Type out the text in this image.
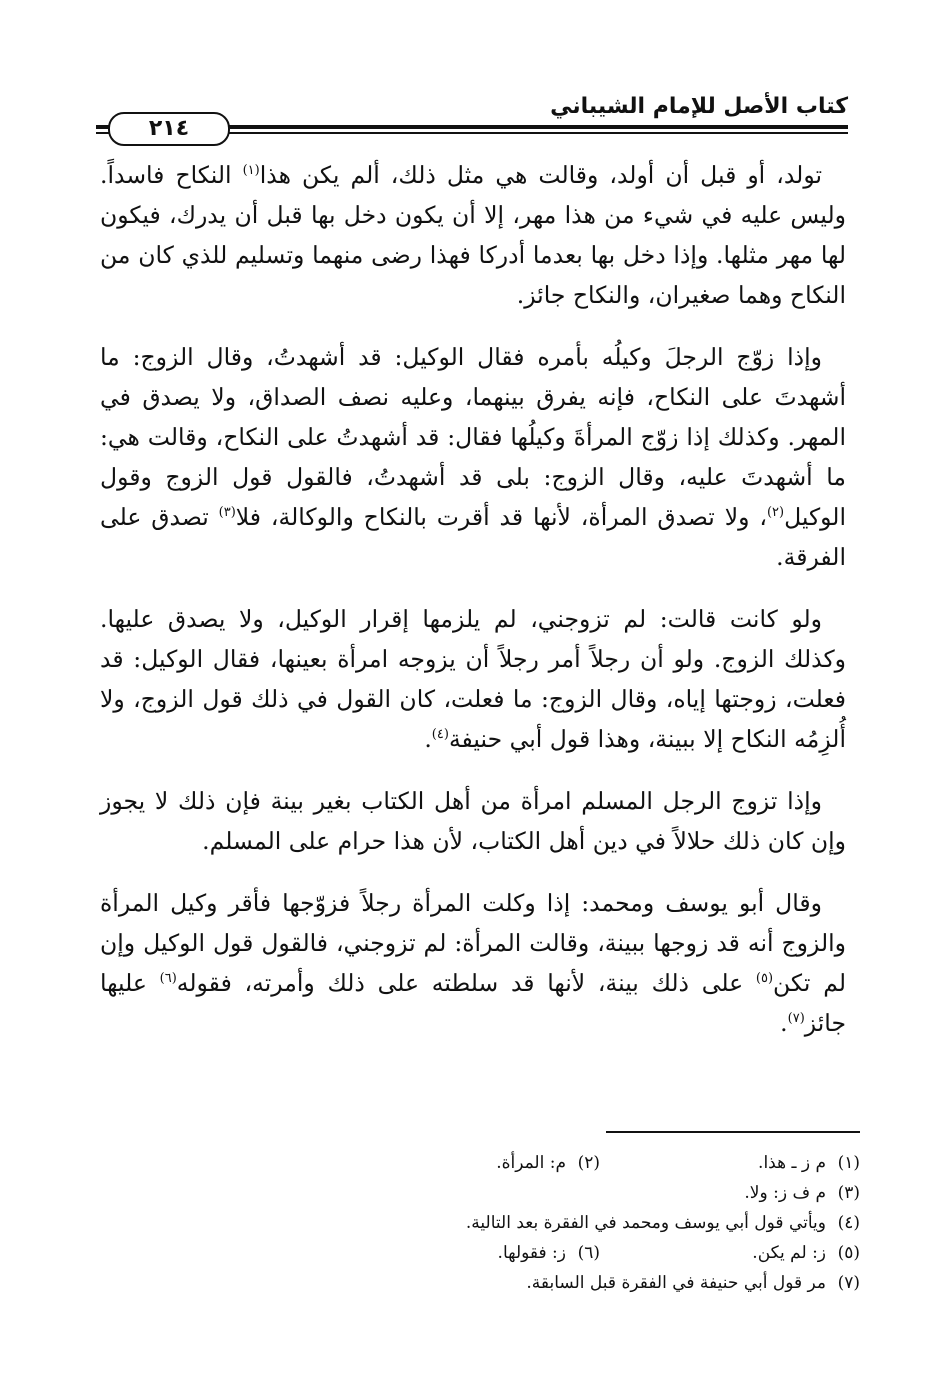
٢١٤
كتاب الأصل للإمام الشيباني

تولد، أو قبل أن أولد، وقالت هي مثل ذلك، ألم يكن هذا$^{(١)}$ النكاح فاسداً. وليس عليه في شيء من هذا مهر، إلا أن يكون دخل بها قبل أن يدرك، فيكون لها مهر مثلها. وإذا دخل بها بعدما أدركا فهذا رضى منهما وتسليم للذي كان من النكاح وهما صغيران، والنكاح جائز.

وإذا زوّج الرجلَ وكيلُه بأمره فقال الوكيل: قد أشهدتُ، وقال الزوج: ما أشهدتَ على النكاح، فإنه يفرق بينهما، وعليه نصف الصداق، ولا يصدق في المهر. وكذلك إذا زوّج المرأةَ وكيلُها فقال: قد أشهدتُ على النكاح، وقالت هي: ما أشهدتَ عليه، وقال الزوج: بلى قد أشهدتُ، فالقول قول الزوج وقول الوكيل$^{(٢)}$، ولا تصدق المرأة، لأنها قد أقرت بالنكاح والوكالة، فلا$^{(٣)}$ تصدق على الفرقة.

ولو كانت قالت: لم تزوجني، لم يلزمها إقرار الوكيل، ولا يصدق عليها. وكذلك الزوج. ولو أن رجلاً أمر رجلاً أن يزوجه امرأة بعينها، فقال الوكيل: قد فعلت، زوجتها إياه، وقال الزوج: ما فعلت، كان القول في ذلك قول الزوج، ولا أُلزِمُه النكاح إلا ببينة، وهذا قول أبي حنيفة$^{(٤)}$.

وإذا تزوج الرجل المسلم امرأة من أهل الكتاب بغير بينة فإن ذلك لا يجوز وإن كان ذلك حلالاً في دين أهل الكتاب، لأن هذا حرام على المسلم.

وقال أبو يوسف ومحمد: إذا وكلت المرأة رجلاً فزوّجها فأقر وكيل المرأة والزوج أنه قد زوجها ببينة، وقالت المرأة: لم تزوجني، فالقول قول الوكيل وإن لم تكن$^{(٥)}$ على ذلك بينة، لأنها قد سلطته على ذلك وأمرته، فقوله$^{(٦)}$ عليها جائز$^{(٧)}$.

(١)م ز ـ هذا.
(٢)م: المرأة.
(٣)م ف ز: ولا.
(٤)ويأتي قول أبي يوسف ومحمد في الفقرة بعد التالية.
(٥)ز: لم يكن.
(٦)ز: فقولها.
(٧)مر قول أبي حنيفة في الفقرة قبل السابقة.
